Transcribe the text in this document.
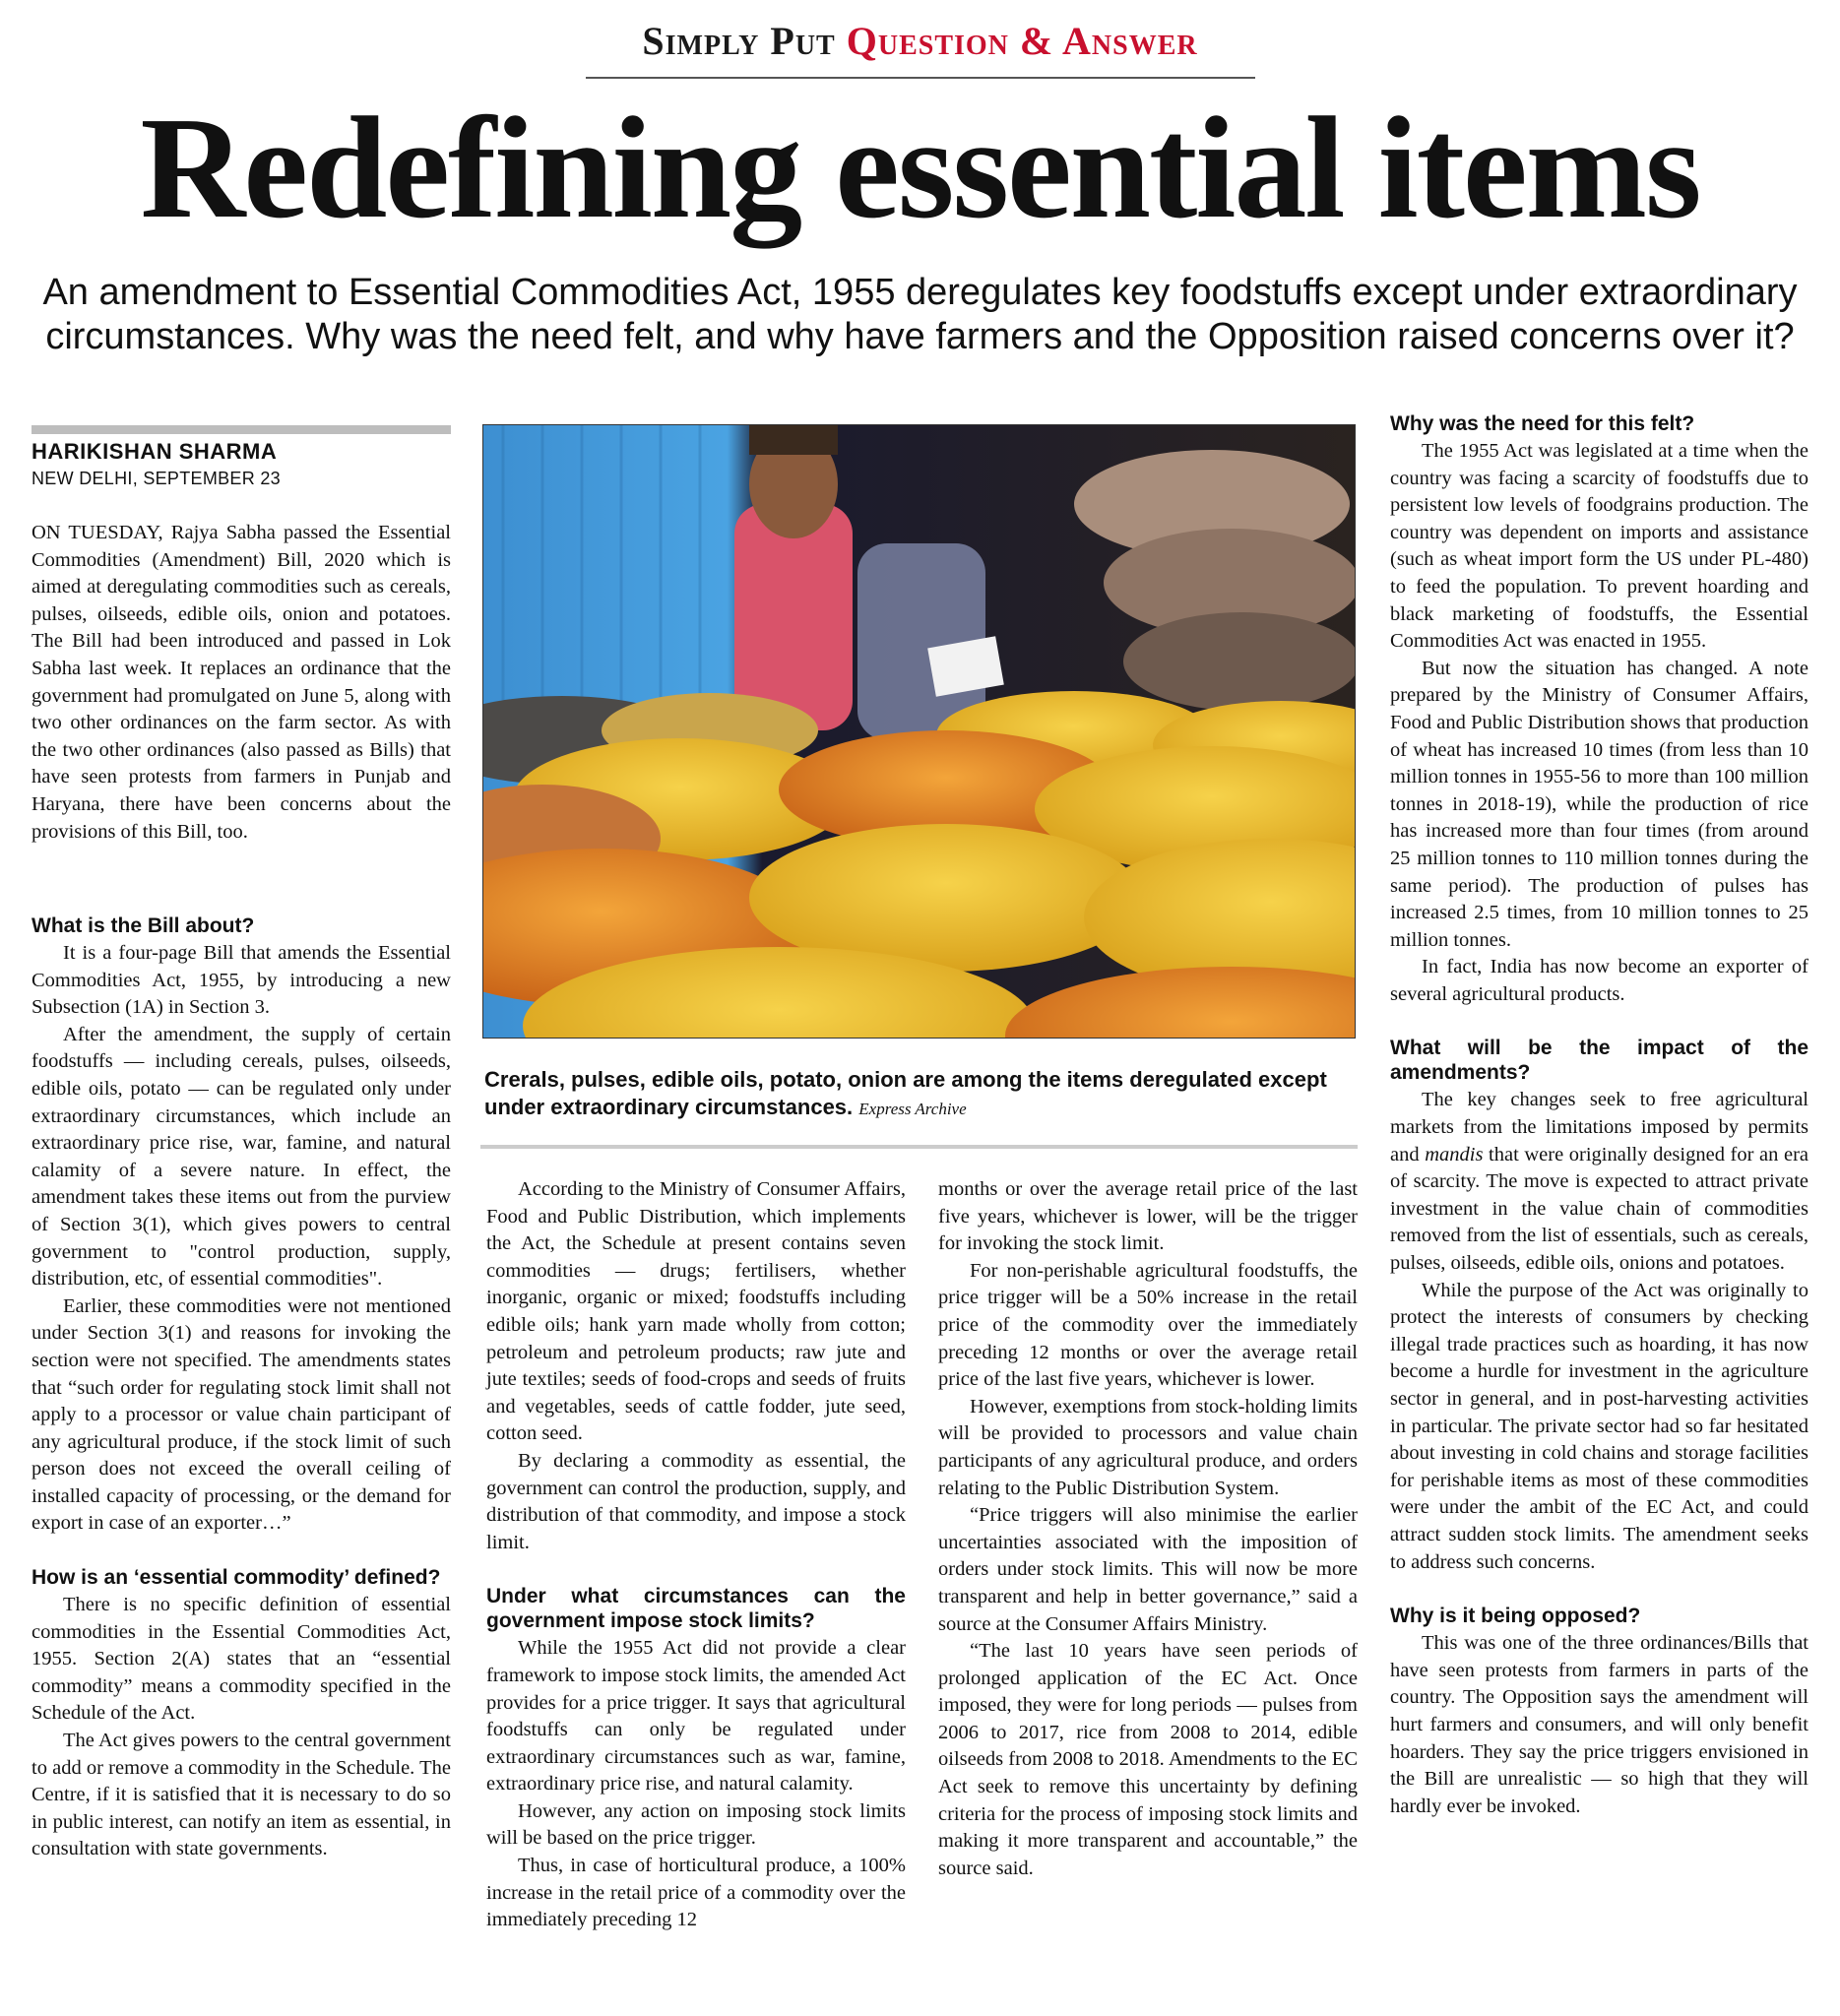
Simply Put Question & Answer
Redefining essential items
An amendment to Essential Commodities Act, 1955 deregulates key foodstuffs except under extraordinary circumstances. Why was the need felt, and why have farmers and the Opposition raised concerns over it?
HARIKISHAN SHARMA
NEW DELHI, SEPTEMBER 23

ON TUESDAY, Rajya Sabha passed the Essential Commodities (Amendment) Bill, 2020 which is aimed at deregulating commodities such as cereals, pulses, oilseeds, edible oils, onion and potatoes. The Bill had been introduced and passed in Lok Sabha last week. It replaces an ordinance that the government had promulgated on June 5, along with two other ordinances on the farm sector. As with the two other ordinances (also passed as Bills) that have seen protests from farmers in Punjab and Haryana, there have been concerns about the provisions of this Bill, too.

What is the Bill about?

It is a four-page Bill that amends the Essential Commodities Act, 1955, by introducing a new Subsection (1A) in Section 3.

After the amendment, the supply of certain foodstuffs — including cereals, pulses, oilseeds, edible oils, potato — can be regulated only under extraordinary circumstances, which include an extraordinary price rise, war, famine, and natural calamity of a severe nature. In effect, the amendment takes these items out from the purview of Section 3(1), which gives powers to central government to "control production, supply, distribution, etc, of essential commodities".

Earlier, these commodities were not mentioned under Section 3(1) and reasons for invoking the section were not specified. The amendments states that “such order for regulating stock limit shall not apply to a processor or value chain participant of any agricultural produce, if the stock limit of such person does not exceed the overall ceiling of installed capacity of processing, or the demand for export in case of an exporter…”

How is an ‘essential commodity’ defined?

There is no specific definition of essential commodities in the Essential Commodities Act, 1955. Section 2(A) states that an “essential commodity” means a commodity specified in the Schedule of the Act.

The Act gives powers to the central government to add or remove a commodity in the Schedule. The Centre, if it is satisfied that it is necessary to do so in public interest, can notify an item as essential, in consultation with state governments.

Crerals, pulses, edible oils, potato, onion are among the items deregulated except under extraordinary circumstances. Express Archive

According to the Ministry of Consumer Affairs, Food and Public Distribution, which implements the Act, the Schedule at present contains seven commodities — drugs; fertilisers, whether inorganic, organic or mixed; foodstuffs including edible oils; hank yarn made wholly from cotton; petroleum and petroleum products; raw jute and jute textiles; seeds of food-crops and seeds of fruits and vegetables, seeds of cattle fodder, jute seed, cotton seed.

By declaring a commodity as essential, the government can control the production, supply, and distribution of that commodity, and impose a stock limit.

Under what circumstances can the government impose stock limits?

While the 1955 Act did not provide a clear framework to impose stock limits, the amended Act provides for a price trigger. It says that agricultural foodstuffs can only be regulated under extraordinary circumstances such as war, famine, extraordinary price rise, and natural calamity.

However, any action on imposing stock limits will be based on the price trigger.

Thus, in case of horticultural produce, a 100% increase in the retail price of a commodity over the immediately preceding 12

months or over the average retail price of the last five years, whichever is lower, will be the trigger for invoking the stock limit.

For non-perishable agricultural foodstuffs, the price trigger will be a 50% increase in the retail price of the commodity over the immediately preceding 12 months or over the average retail price of the last five years, whichever is lower.

However, exemptions from stock-holding limits will be provided to processors and value chain participants of any agricultural produce, and orders relating to the Public Distribution System.

“Price triggers will also minimise the earlier uncertainties associated with the imposition of orders under stock limits. This will now be more transparent and help in better governance,” said a source at the Consumer Affairs Ministry.

“The last 10 years have seen periods of prolonged application of the EC Act. Once imposed, they were for long periods — pulses from 2006 to 2017, rice from 2008 to 2014, edible oilseeds from 2008 to 2018. Amendments to the EC Act seek to remove this uncertainty by defining criteria for the process of imposing stock limits and making it more transparent and accountable,” the source said.

Why was the need for this felt?

The 1955 Act was legislated at a time when the country was facing a scarcity of foodstuffs due to persistent low levels of foodgrains production. The country was dependent on imports and assistance (such as wheat import form the US under PL-480) to feed the population. To prevent hoarding and black marketing of foodstuffs, the Essential Commodities Act was enacted in 1955.

But now the situation has changed. A note prepared by the Ministry of Consumer Affairs, Food and Public Distribution shows that production of wheat has increased 10 times (from less than 10 million tonnes in 1955-56 to more than 100 million tonnes in 2018-19), while the production of rice has increased more than four times (from around 25 million tonnes to 110 million tonnes during the same period). The production of pulses has increased 2.5 times, from 10 million tonnes to 25 million tonnes.

In fact, India has now become an exporter of several agricultural products.

What will be the impact of the amendments?

The key changes seek to free agricultural markets from the limitations imposed by permits and mandis that were originally designed for an era of scarcity. The move is expected to attract private investment in the value chain of commodities removed from the list of essentials, such as cereals, pulses, oilseeds, edible oils, onions and potatoes.

While the purpose of the Act was originally to protect the interests of consumers by checking illegal trade practices such as hoarding, it has now become a hurdle for investment in the agriculture sector in general, and in post-harvesting activities in particular. The private sector had so far hesitated about investing in cold chains and storage facilities for perishable items as most of these commodities were under the ambit of the EC Act, and could attract sudden stock limits. The amendment seeks to address such concerns.

Why is it being opposed?

This was one of the three ordinances/Bills that have seen protests from farmers in parts of the country. The Opposition says the amendment will hurt farmers and consumers, and will only benefit hoarders. They say the price triggers envisioned in the Bill are unrealistic — so high that they will hardly ever be invoked.
